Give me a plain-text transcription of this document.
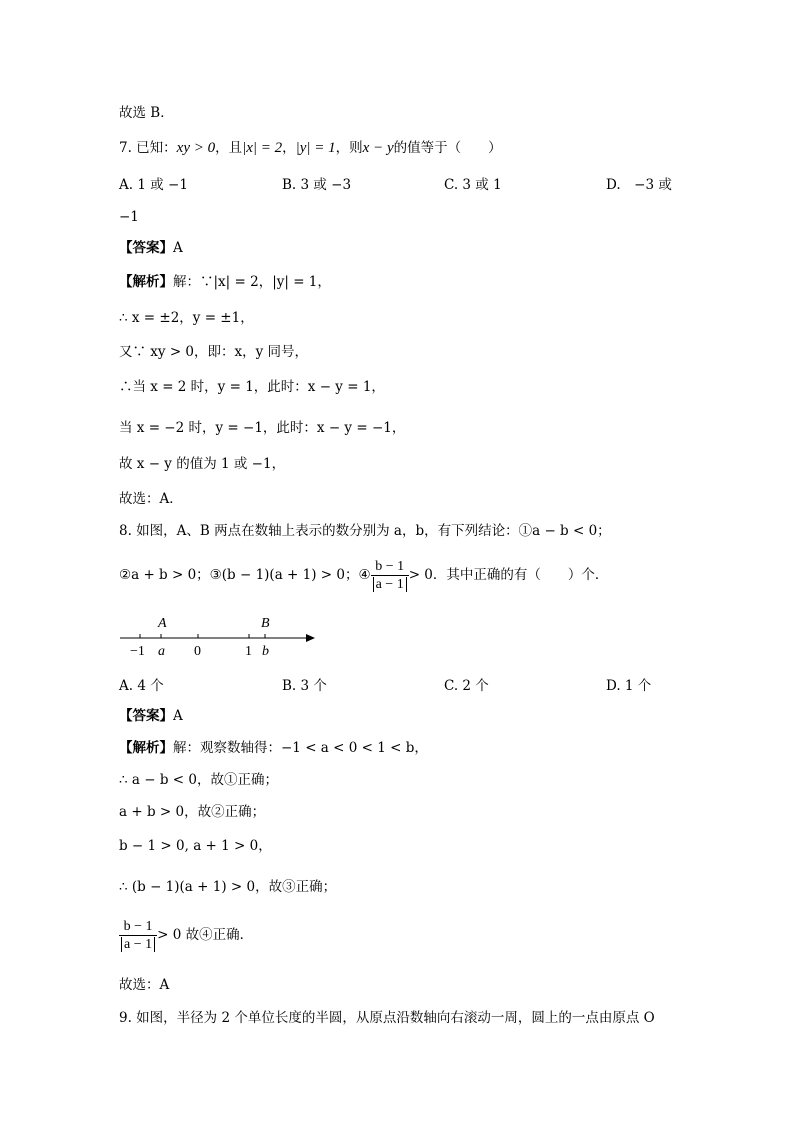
故选 B．
7. 已知：xy > 0，且|x| = 2，|y| = 1，则x − y的值等于（　　）
A. 1 或 −1	B. 3 或 −3	C. 3 或 1	D.　−3 或
−1
【答案】A
【解析】解：∵|x| = 2，|y| = 1，
∴ x = ±2，y = ±1，
又∵ xy > 0，即：x，y 同号，
∴当 x = 2 时，y = 1，此时：x − y = 1，
当 x = −2 时，y = −1，此时：x − y = −1，
故 x − y 的值为 1 或 −1，
故选：A．
8. 如图，A、B 两点在数轴上表示的数分别为 a，b，有下列结论：①a − b < 0；
②a + b > 0；③(b − 1)(a + 1) > 0；④ $\frac{b - 1}{a - 1} > 0$．其中正确的有（　　）个．
A	B
−1 a 0	1 b
A. 4 个	B. 3 个	C. 2 个	D. 1 个
【答案】A
【解析】解：观察数轴得：−1 < a < 0 < 1 < b，
∴ a − b < 0，故①正确；
a + b > 0，故②正确；
b − 1 > 0, a + 1 > 0，
∴ (b − 1)(a + 1) > 0，故③正确；
$\frac{b - 1}{a - 1} > 0$ 故④正确．
故选：A
9. 如图，半径为 2 个单位长度的半圆，从原点沿数轴向右滚动一周，圆上的一点由原点 O
